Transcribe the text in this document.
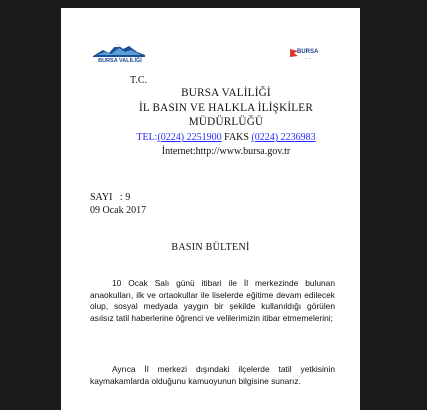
BURSA VALİLİĞİ
BURSA
~ ~
T.C.
BURSA VALİLİĞİ
İL BASIN VE HALKLA İLİŞKİLER
MÜDÜRLÜĞÜ
TEL:(0224) 2251900 FAKS (0224) 2236983
İnternet:http://www.bursa.gov.tr
SAYI   : 9
09 Ocak 2017
BASIN BÜLTENİ

10 Ocak Salı günü itibari ile İl merkezinde bulunan anaokulları, ilk ve ortaokullar ile liselerde eğitime devam edilecek olup, sosyal medyada yaygın bir şekilde kullanıldığı görülen asılsız tatil haberlerine öğrenci ve velilerimizin itibar etmemelerini;

Ayrıca İl merkezi dışındaki ilçelerde tatil yetkisinin kaymakamlarda olduğunu kamuoyunun bilgisine sunarız.
